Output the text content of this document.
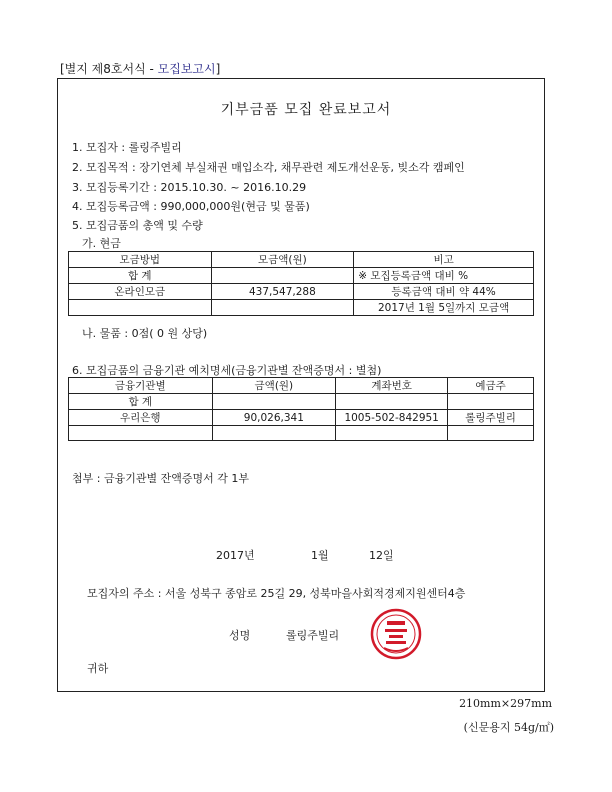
[별지 제8호서식 - 모집보고시]
기부금품 모집 완료보고서
1. 모집자 : 롤링주빌리
2. 모집목적 : 장기연체 부실채권 매입소각, 채무관련 제도개선운동, 빚소각 캠페인
3. 모집등록기간 : 2015.10.30. ~ 2016.10.29
4. 모집등록금액 : 990,000,000원(현금 및 물품)
5. 모집금품의 총액 및 수량
가. 현금
모금방법	모금액(원)	비고
합 계		※ 모집등록금액 대비 %
온라인모금	437,547,288	등록금액 대비 약 44%
		2017년 1월 5일까지 모금액
나. 물품 : 0점( 0 원 상당)
6. 모집금품의 금융기관 예치명세(금융기관별 잔액증명서 : 별첨)
금융기관별	금액(원)	계좌번호	예금주
합 계			
우리은행	90,026,341	1005-502-842951	롤링주빌리

첨부 : 금융기관별 잔액증명서 각 1부
2017년	1월	12일
모집자의 주소 : 서울 성북구 종암로 25길 29, 성북마을사회적경제지원센터4층
성명	롤링주빌리
귀하
210mm×297mm
(신문용지 54g/㎡)
